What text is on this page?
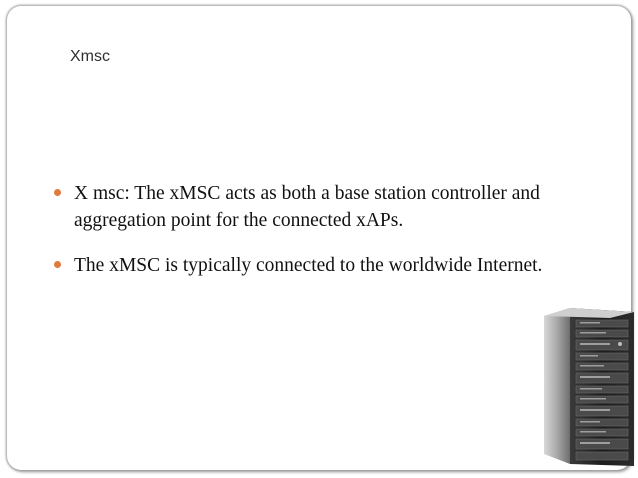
Xmsc
X msc: The xMSC acts as both a base station controller and aggregation point for the connected xAPs.
The xMSC is typically connected to the worldwide Internet.
